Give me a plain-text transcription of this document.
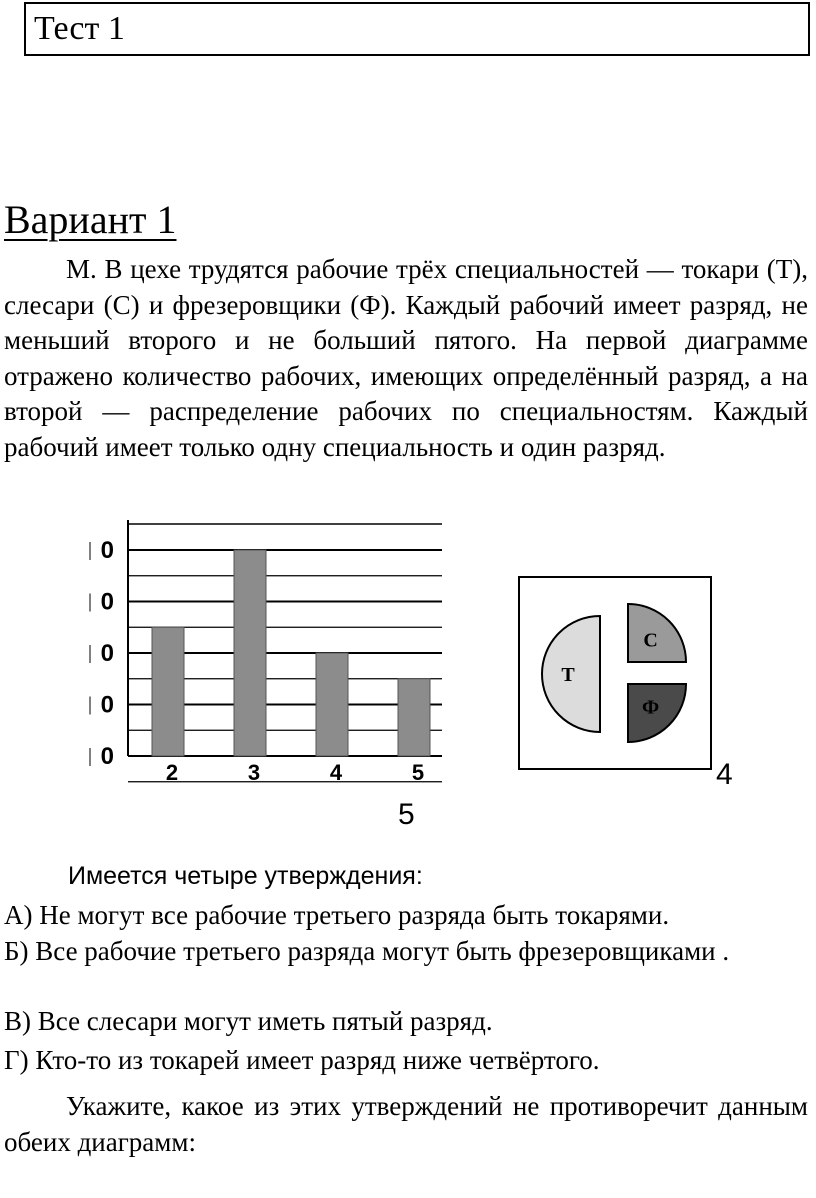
Тест 1
Вариант 1

М. В цехе трудятся рабочие трёх специальностей — токари (Т), слесари (С) и фрезеровщики (Ф). Каждый рабочий имеет разряд, не меньший второго и не больший пятого. На первой диаграмме отражено количество рабочих, имеющих определённый разряд, а на второй — распределение рабочих по специальностям. Каждый рабочий имеет только одну специальность и один разряд.

0
0
0
0
0
2	3	4	5
Т
С
Ф
4
5
Имеется четыре утверждения:

А) Не могут все рабочие третьего разряда быть токарями.

Б) Все рабочие третьего разряда могут быть фрезеровщиками .

В) Все слесари могут иметь пятый разряд.

Г) Кто-то из токарей имеет разряд ниже четвёртого.

Укажите, какое из этих утверждений не противоречит данным обеих диаграмм:
